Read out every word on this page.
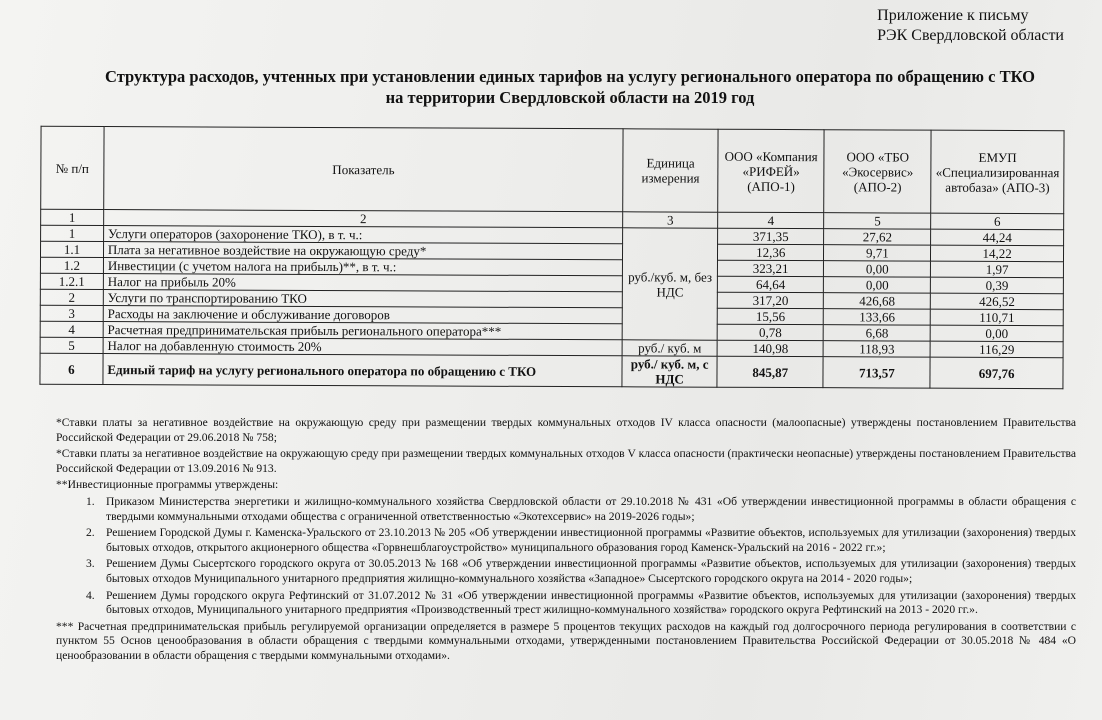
Приложение к письму
РЭК Свердловской области
Структура расходов, учтенных при установлении единых тарифов на услугу регионального оператора по обращению с ТКО на территории Свердловской области на 2019 год
№ п/п	Показатель	Единица измерения	ООО «Компания «РИФЕЙ» (АПО-1)	ООО «ТБО «Экосервис» (АПО-2)	ЕМУП «Специализированная автобаза» (АПО-3)
1	2	3	4	5	6
1	Услуги операторов (захоронение ТКО), в т. ч.:	руб./куб. м, без НДС	371,35	27,62	44,24
1.1	Плата за негативное воздействие на окружающую среду*		12,36	9,71	14,22
1.2	Инвестиции (с учетом налога на прибыль)**, в т. ч.:		323,21	0,00	1,97
1.2.1	Налог на прибыль 20%		64,64	0,00	0,39
2	Услуги по транспортированию ТКО		317,20	426,68	426,52
3	Расходы на заключение и обслуживание договоров		15,56	133,66	110,71
4	Расчетная предпринимательская прибыль регионального оператора***		0,78	6,68	0,00
5	Налог на добавленную стоимость 20%	руб./ куб. м	140,98	118,93	116,29
6	Единый тариф на услугу регионального оператора по обращению с ТКО	руб./ куб. м, с НДС	845,87	713,57	697,76

*Ставки платы за негативное воздействие на окружающую среду при размещении твердых коммунальных отходов IV класса опасности (малоопасные) утверждены постановлением Правительства Российской Федерации от 29.06.2018 № 758;

*Ставки платы за негативное воздействие на окружающую среду при размещении твердых коммунальных отходов V класса опасности (практически неопасные) утверждены постановлением Правительства Российской Федерации от 13.09.2016 № 913.

**Инвестиционные программы утверждены:

1. Приказом Министерства энергетики и жилищно-коммунального хозяйства Свердловской области от 29.10.2018 № 431 «Об утверждении инвестиционной программы в области обращения с твердыми коммунальными отходами общества с ограниченной ответственностью «Экотехсервис» на 2019-2026 годы»;
2. Решением Городской Думы г. Каменска-Уральского от 23.10.2013 № 205 «Об утверждении инвестиционной программы «Развитие объектов, используемых для утилизации (захоронения) твердых бытовых отходов, открытого акционерного общества «Горвнешблагоустройство» муниципального образования город Каменск-Уральский на 2016 - 2022 гг.»;
3. Решением Думы Сысертского городского округа от 30.05.2013 № 168 «Об утверждении инвестиционной программы «Развитие объектов, используемых для утилизации (захоронения) твердых бытовых отходов Муниципального унитарного предприятия жилищно-коммунального хозяйства «Западное» Сысертского городского округа на 2014 - 2020 годы»;
4. Решением Думы городского округа Рефтинский от 31.07.2012 № 31 «Об утверждении инвестиционной программы «Развитие объектов, используемых для утилизации (захоронения) твердых бытовых отходов, Муниципального унитарного предприятия «Производственный трест жилищно-коммунального хозяйства» городского округа Рефтинский на 2013 - 2020 гг.».

*** Расчетная предпринимательская прибыль регулируемой организации определяется в размере 5 процентов текущих расходов на каждый год долгосрочного периода регулирования в соответствии с пунктом 55 Основ ценообразования в области обращения с твердыми коммунальными отходами, утвержденными постановлением Правительства Российской Федерации от 30.05.2018 № 484 «О ценообразовании в области обращения с твердыми коммунальными отходами».
